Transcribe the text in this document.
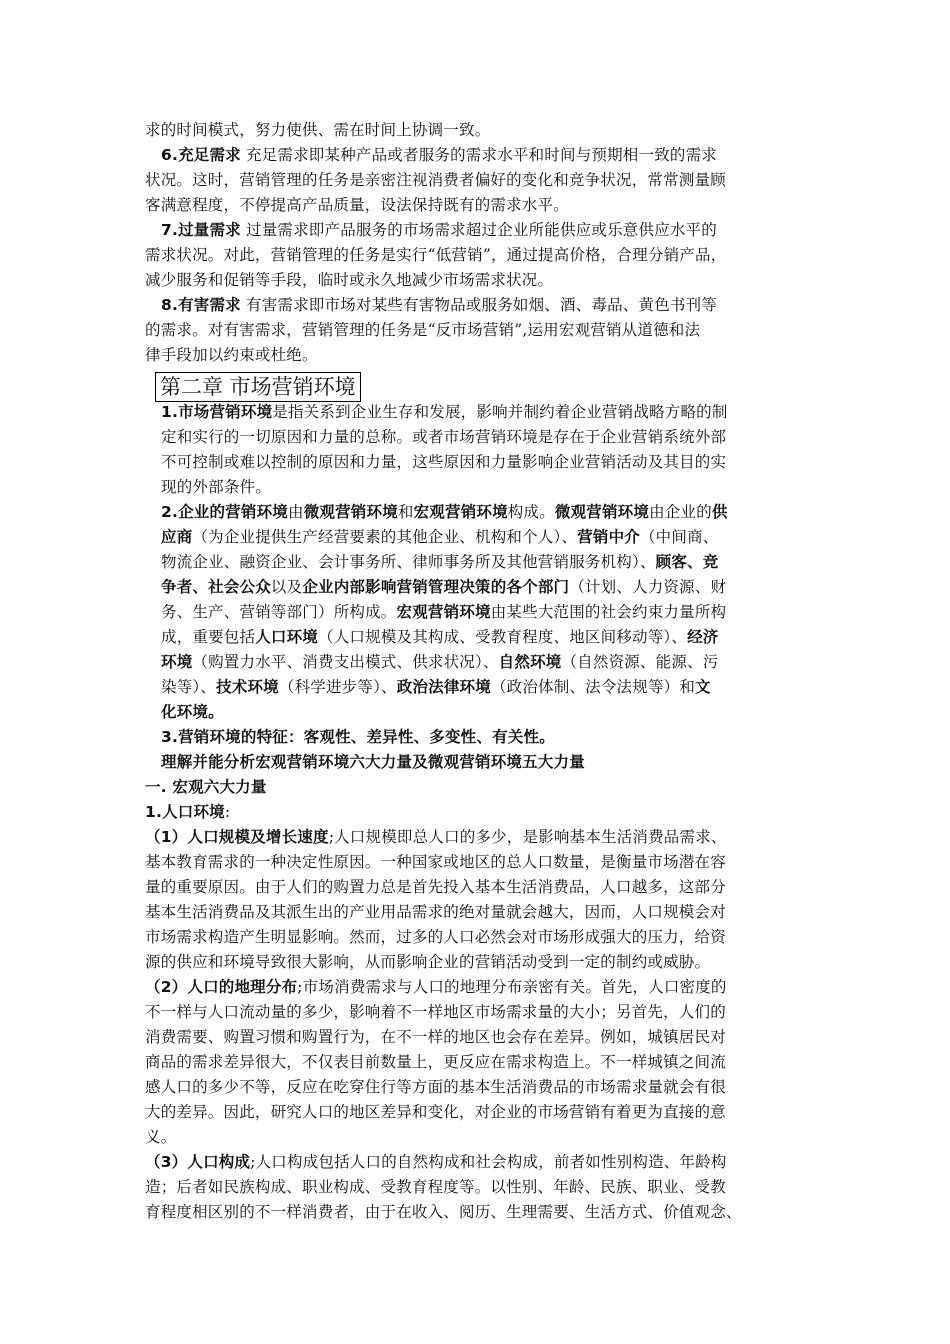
求的时间模式，努力使供、需在时间上协调一致。
6.充足需求 充足需求即某种产品或者服务的需求水平和时间与预期相一致的需求
状况。这时，营销管理的任务是亲密注视消费者偏好的变化和竞争状况，常常测量顾
客满意程度，不停提高产品质量，设法保持既有的需求水平。
7.过量需求 过量需求即产品服务的市场需求超过企业所能供应或乐意供应水平的
需求状况。对此，营销管理的任务是实行“低营销”，通过提高价格，合理分销产品，
减少服务和促销等手段，临时或永久地减少市场需求状况。
8.有害需求 有害需求即市场对某些有害物品或服务如烟、酒、毒品、黄色书刊等
的需求。对有害需求，营销管理的任务是“反市场营销”,运用宏观营销从道德和法
律手段加以约束或杜绝。
第二章 市场营销环境
1.市场营销环境是指关系到企业生存和发展，影响并制约着企业营销战略方略的制
定和实行的一切原因和力量的总称。或者市场营销环境是存在于企业营销系统外部
不可控制或难以控制的原因和力量，这些原因和力量影响企业营销活动及其目的实
现的外部条件。
2.企业的营销环境由微观营销环境和宏观营销环境构成。微观营销环境由企业的供
应商（为企业提供生产经营要素的其他企业、机构和个人）、营销中介（中间商、
物流企业、融资企业、会计事务所、律师事务所及其他营销服务机构）、顾客、竞
争者、社会公众以及企业内部影响营销管理决策的各个部门（计划、人力资源、财
务、生产、营销等部门）所构成。宏观营销环境由某些大范围的社会约束力量所构
成，重要包括人口环境（人口规模及其构成、受教育程度、地区间移动等）、经济
环境（购置力水平、消费支出模式、供求状况）、自然环境（自然资源、能源、污
染等）、技术环境（科学进步等）、政治法律环境（政治体制、法令法规等）和文
化环境。
3.营销环境的特征：客观性、差异性、多变性、有关性。
理解并能分析宏观营销环境六大力量及微观营销环境五大力量
一. 宏观六大力量
1.人口环境:
（1）人口规模及增长速度;人口规模即总人口的多少，是影响基本生活消费品需求、
基本教育需求的一种决定性原因。一种国家或地区的总人口数量，是衡量市场潜在容
量的重要原因。由于人们的购置力总是首先投入基本生活消费品，人口越多，这部分
基本生活消费品及其派生出的产业用品需求的绝对量就会越大，因而，人口规模会对
市场需求构造产生明显影响。然而，过多的人口必然会对市场形成强大的压力，给资
源的供应和环境导致很大影响，从而影响企业的营销活动受到一定的制约或威胁。
（2）人口的地理分布;市场消费需求与人口的地理分布亲密有关。首先，人口密度的
不一样与人口流动量的多少，影响着不一样地区市场需求量的大小；另首先，人们的
消费需要、购置习惯和购置行为，在不一样的地区也会存在差异。例如，城镇居民对
商品的需求差异很大，不仅表目前数量上，更反应在需求构造上。不一样城镇之间流
感人口的多少不等，反应在吃穿住行等方面的基本生活消费品的市场需求量就会有很
大的差异。因此，研究人口的地区差异和变化，对企业的市场营销有着更为直接的意
义。
（3）人口构成;人口构成包括人口的自然构成和社会构成，前者如性别构造、年龄构
造；后者如民族构成、职业构成、受教育程度等。以性别、年龄、民族、职业、受教
育程度相区别的不一样消费者，由于在收入、阅历、生理需要、生活方式、价值观念、
